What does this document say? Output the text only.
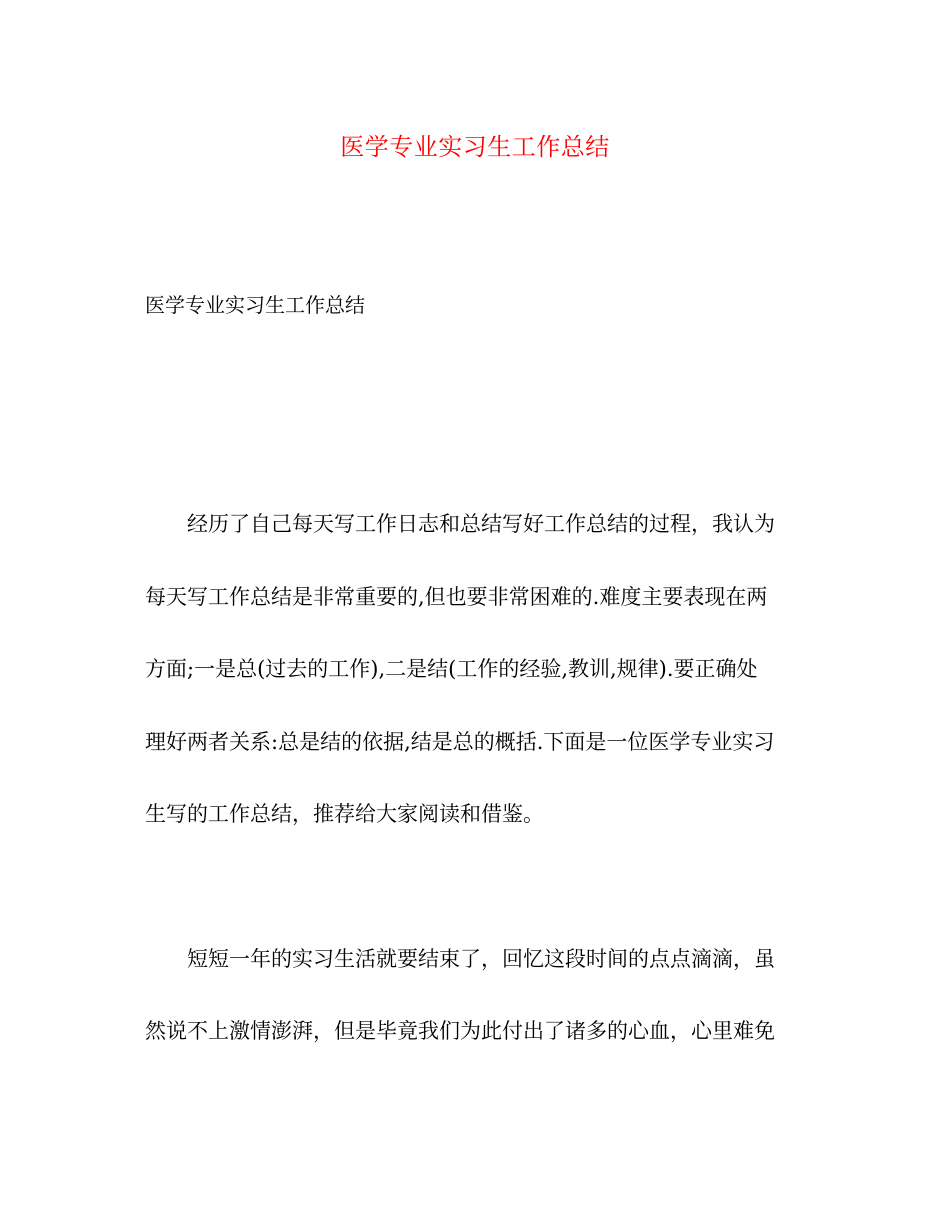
医学专业实习生工作总结
医学专业实习生工作总结
经历了自己每天写工作日志和总结写好工作总结的过程，我认为
每天写工作总结是非常重要的,但也要非常困难的.难度主要表现在两
方面;一是总(过去的工作),二是结(工作的经验,教训,规律).要正确处
理好两者关系:总是结的依据,结是总的概括.下面是一位医学专业实习
生写的工作总结，推荐给大家阅读和借鉴。
短短一年的实习生活就要结束了，回忆这段时间的点点滴滴，虽
然说不上激情澎湃，但是毕竟我们为此付出了诸多的心血，心里难免
